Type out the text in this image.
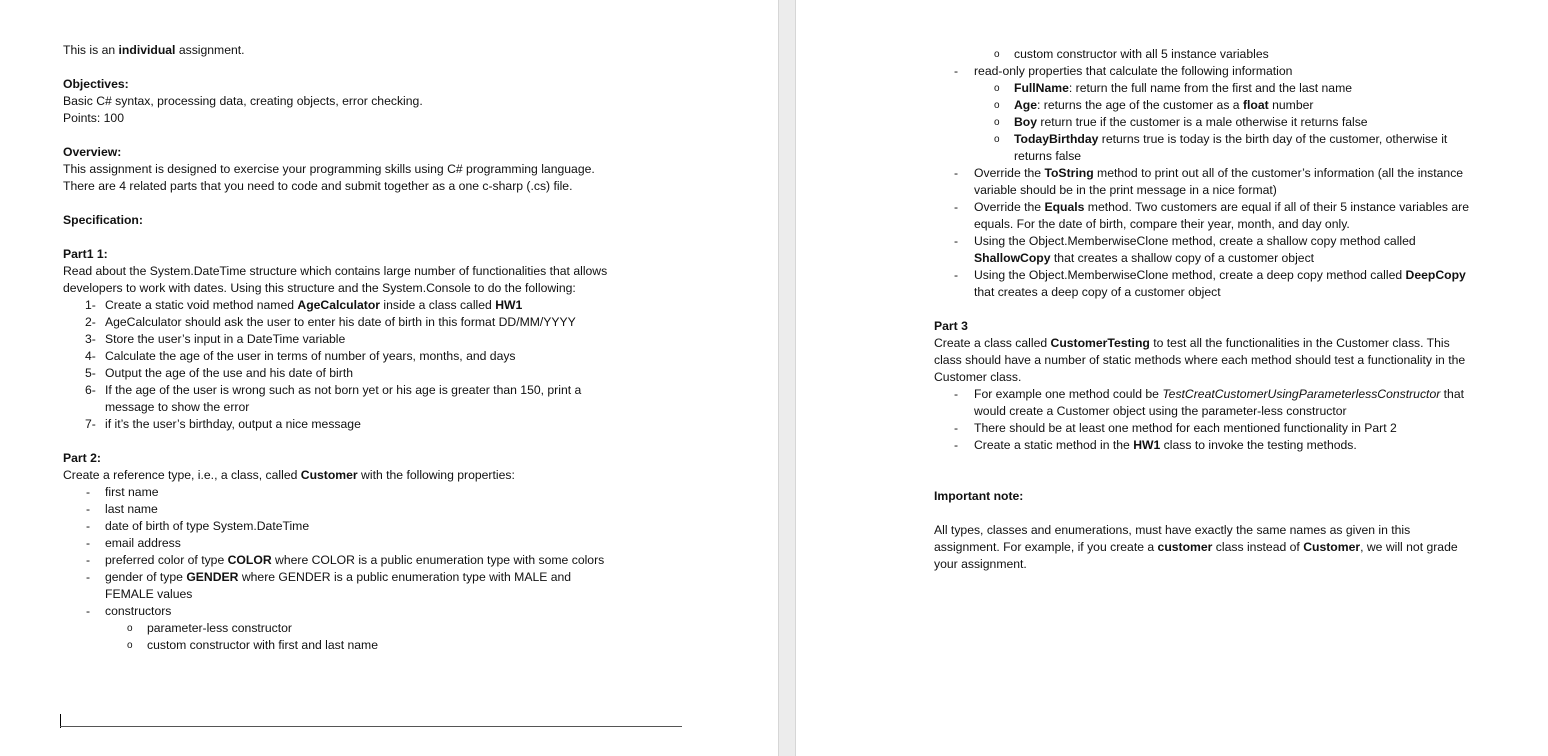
This is an individual assignment.

Objectives:

Basic C# syntax, processing data, creating objects, error checking.

Points: 100

Overview:

This assignment is designed to exercise your programming skills using C# programming language. There are 4 related parts that you need to code and submit together as a one c-sharp (.cs) file.

Specification:

Part1 1:

Read about the System.DateTime structure which contains large number of functionalities that allows developers to work with dates. Using this structure and the System.Console to do the following:

1- Create a static void method named AgeCalculator inside a class called HW1
2- AgeCalculator should ask the user to enter his date of birth in this format DD/MM/YYYY
3- Store the user’s input in a DateTime variable
4- Calculate the age of the user in terms of number of years, months, and days
5- Output the age of the use and his date of birth
6- If the age of the user is wrong such as not born yet or his age is greater than 150, print a message to show the error
7- if it’s the user’s birthday, output a nice message

Part 2:

Create a reference type, i.e., a class, called Customer with the following properties:

- first name
- last name
- date of birth of type System.DateTime
- email address
- preferred color of type COLOR where COLOR is a public enumeration type with some colors
- gender of type GENDER where GENDER is a public enumeration type with MALE and FEMALE values
- constructors
o parameter-less constructor
o custom constructor with first and last name
o custom constructor with all 5 instance variables
- read-only properties that calculate the following information
o FullName: return the full name from the first and the last name
o Age: returns the age of the customer as a float number
o Boy return true if the customer is a male otherwise it returns false
o TodayBirthday returns true is today is the birth day of the customer, otherwise it returns false
- Override the ToString method to print out all of the customer’s information (all the instance variable should be in the print message in a nice format)
- Override the Equals method. Two customers are equal if all of their 5 instance variables are equals. For the date of birth, compare their year, month, and day only.
- Using the Object.MemberwiseClone method, create a shallow copy method called ShallowCopy that creates a shallow copy of a customer object
- Using the Object.MemberwiseClone method, create a deep copy method called DeepCopy that creates a deep copy of a customer object

Part 3

Create a class called CustomerTesting to test all the functionalities in the Customer class. This class should have a number of static methods where each method should test a functionality in the Customer class.

- For example one method could be TestCreatCustomerUsingParameterlessConstructor that would create a Customer object using the parameter-less constructor
- There should be at least one method for each mentioned functionality in Part 2
- Create a static method in the HW1 class to invoke the testing methods.

Important note:

All types, classes and enumerations, must have exactly the same names as given in this assignment. For example, if you create a customer class instead of Customer, we will not grade your assignment.
